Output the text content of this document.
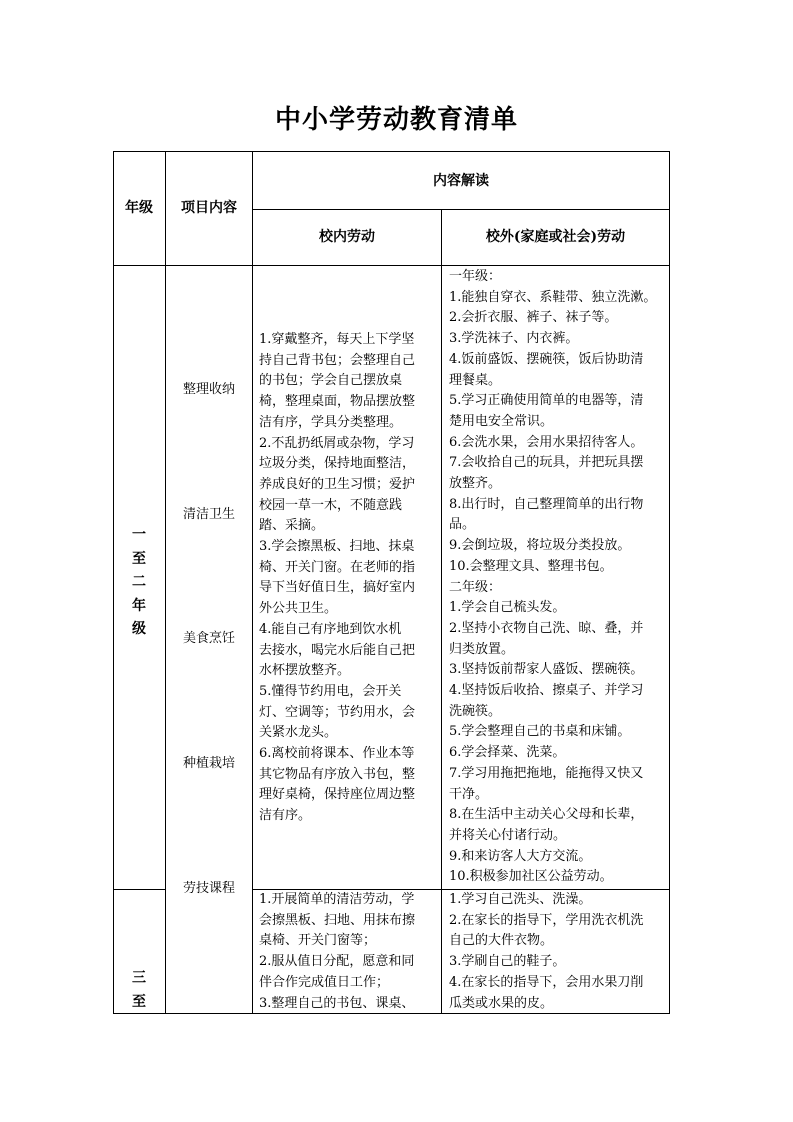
中小学劳动教育清单
年级	项目内容
内容解读
校内劳动	校外(家庭或社会)劳动
一
至
二
年
级
整理收纳
清洁卫生
美食烹饪
种植栽培
劳技课程
1.穿戴整齐，每天上下学坚
持自己背书包；会整理自己
的书包；学会自己摆放桌
椅，整理桌面，物品摆放整
洁有序，学具分类整理。
2.不乱扔纸屑或杂物，学习
垃圾分类，保持地面整洁，
养成良好的卫生习惯；爱护
校园一草一木，不随意践
踏、采摘。
3.学会擦黑板、扫地、抹桌
椅、开关门窗。在老师的指
导下当好值日生，搞好室内
外公共卫生。
4.能自己有序地到饮水机
去接水，喝完水后能自己把
水杯摆放整齐。
5.懂得节约用电，会开关
灯、空调等；节约用水，会
关紧水龙头。
6.离校前将课本、作业本等
其它物品有序放入书包，整
理好桌椅，保持座位周边整
洁有序。
一年级：
1.能独自穿衣、系鞋带、独立洗漱。
2.会折衣服、裤子、袜子等。
3.学洗袜子、内衣裤。
4.饭前盛饭、摆碗筷，饭后协助清
理餐桌。
5.学习正确使用简单的电器等，清
楚用电安全常识。
6.会洗水果，会用水果招待客人。
7.会收拾自己的玩具，并把玩具摆
放整齐。
8.出行时，自己整理简单的出行物
品。
9.会倒垃圾，将垃圾分类投放。
10.会整理文具、整理书包。
二年级：
1.学会自己梳头发。
2.坚持小衣物自己洗、晾、叠，并
归类放置。
3.坚持饭前帮家人盛饭、摆碗筷。
4.坚持饭后收拾、擦桌子、并学习
洗碗筷。
5.学会整理自己的书桌和床铺。
6.学会择菜、洗菜。
7.学习用拖把拖地，能拖得又快又
干净。
8.在生活中主动关心父母和长辈，
并将关心付诸行动。
9.和来访客人大方交流。
10.积极参加社区公益劳动。
三
至
1.开展简单的清洁劳动，学
会擦黑板、扫地、用抹布擦
桌椅、开关门窗等；
2.服从值日分配，愿意和同
伴合作完成值日工作；
3.整理自己的书包、课桌、
1.学习自己洗头、洗澡。
2.在家长的指导下，学用洗衣机洗
自己的大件衣物。
3.学刷自己的鞋子。
4.在家长的指导下，会用水果刀削
瓜类或水果的皮。
